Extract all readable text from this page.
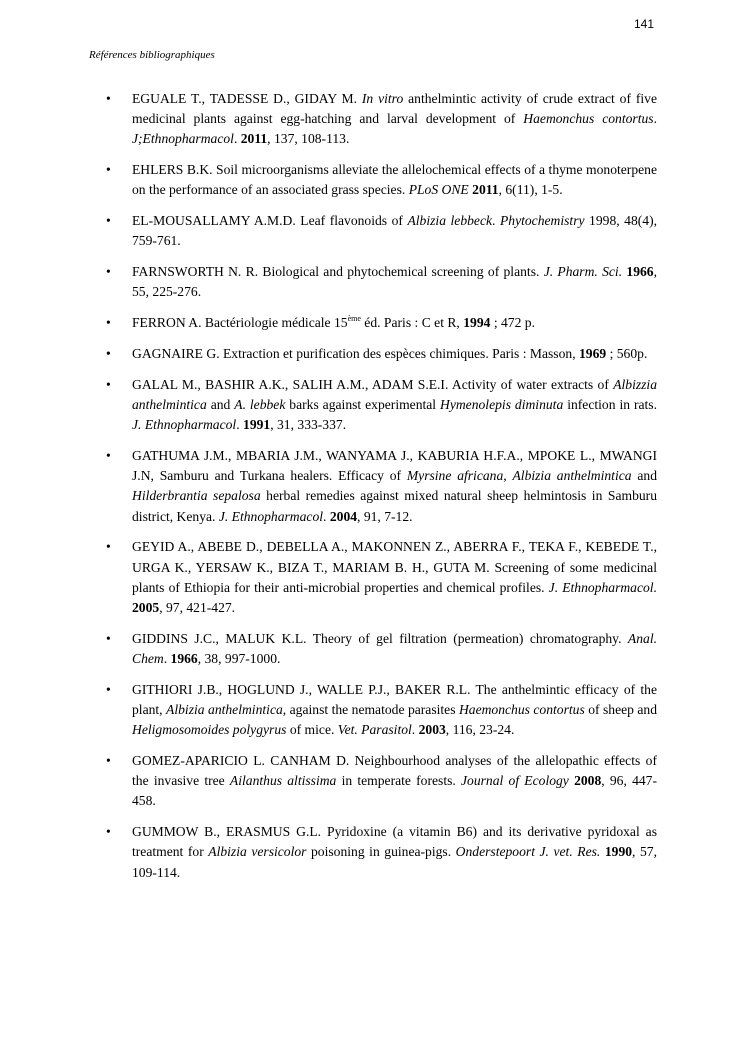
141
Références bibliographiques
• EGUALE T., TADESSE D., GIDAY M. In vitro anthelmintic activity of crude extract of five medicinal plants against egg-hatching and larval development of Haemonchus contortus. J;Ethnopharmacol. 2011, 137, 108-113.
• EHLERS B.K. Soil microorganisms alleviate the allelochemical effects of a thyme monoterpene on the performance of an associated grass species. PLoS ONE 2011, 6(11), 1-5.
• EL-MOUSALLAMY A.M.D. Leaf flavonoids of Albizia lebbeck. Phytochemistry 1998, 48(4), 759-761.
• FARNSWORTH N. R. Biological and phytochemical screening of plants. J. Pharm. Sci. 1966, 55, 225-276.
• FERRON A. Bactériologie médicale 15ème éd. Paris : C et R, 1994 ; 472 p.
• GAGNAIRE G. Extraction et purification des espèces chimiques. Paris : Masson, 1969 ; 560p.
• GALAL M., BASHIR A.K., SALIH A.M., ADAM S.E.I. Activity of water extracts of Albizzia anthelmintica and A. lebbek barks against experimental Hymenolepis diminuta infection in rats. J. Ethnopharmacol. 1991, 31, 333-337.
• GATHUMA J.M., MBARIA J.M., WANYAMA J., KABURIA H.F.A., MPOKE L., MWANGI J.N, Samburu and Turkana healers. Efficacy of Myrsine africana, Albizia anthelmintica and Hilderbrantia sepalosa herbal remedies against mixed natural sheep helmintosis in Samburu district, Kenya. J. Ethnopharmacol. 2004, 91, 7-12.
• GEYID A., ABEBE D., DEBELLA A., MAKONNEN Z., ABERRA F., TEKA F., KEBEDE T., URGA K., YERSAW K., BIZA T., MARIAM B. H., GUTA M. Screening of some medicinal plants of Ethiopia for their anti-microbial properties and chemical profiles. J. Ethnopharmacol. 2005, 97, 421-427.
• GIDDINS J.C., MALUK K.L. Theory of gel filtration (permeation) chromatography. Anal. Chem. 1966, 38, 997-1000.
• GITHIORI J.B., HOGLUND J., WALLE P.J., BAKER R.L. The anthelmintic efficacy of the plant, Albizia anthelmintica, against the nematode parasites Haemonchus contortus of sheep and Heligmosomoides polygyrus of mice. Vet. Parasitol. 2003, 116, 23-24.
• GOMEZ-APARICIO L. CANHAM D. Neighbourhood analyses of the allelopathic effects of the invasive tree Ailanthus altissima in temperate forests. Journal of Ecology 2008, 96, 447-458.
• GUMMOW B., ERASMUS G.L. Pyridoxine (a vitamin B6) and its derivative pyridoxal as treatment for Albizia versicolor poisoning in guinea-pigs. Onderstepoort J. vet. Res. 1990, 57, 109-114.
